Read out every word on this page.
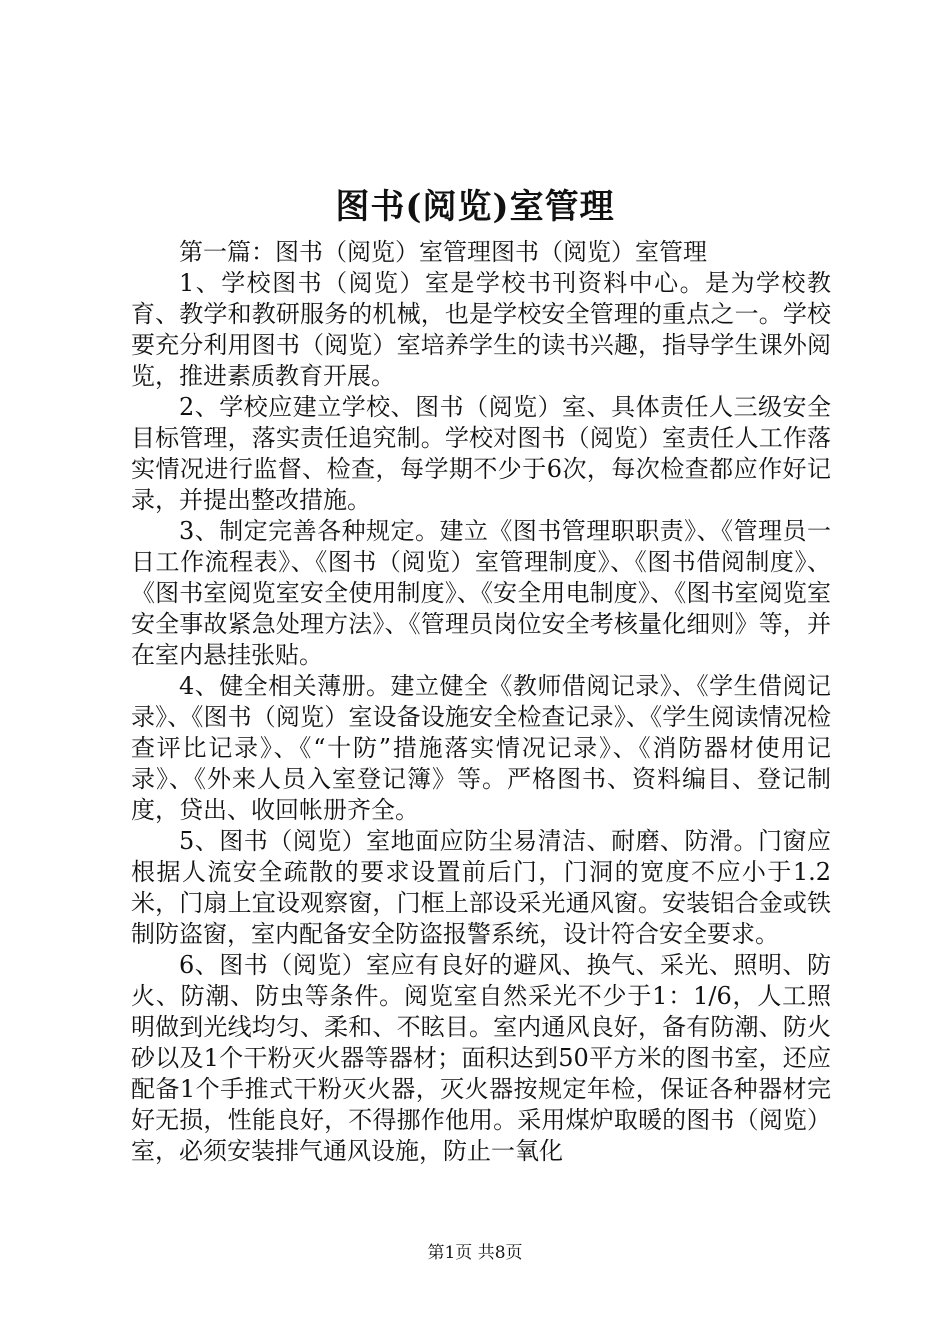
图书(阅览)室管理

第一篇：图书（阅览）室管理图书（阅览）室管理

1、学校图书（阅览）室是学校书刊资料中心。是为学校教育、教学和教研服务的机械，也是学校安全管理的重点之一。学校要充分利用图书（阅览）室培养学生的读书兴趣，指导学生课外阅览，推进素质教育开展。

2、学校应建立学校、图书（阅览）室、具体责任人三级安全目标管理，落实责任追究制。学校对图书（阅览）室责任人工作落实情况进行监督、检查，每学期不少于6次，每次检查都应作好记录，并提出整改措施。

3、制定完善各种规定。建立《图书管理职职责》、《管理员一日工作流程表》、《图书（阅览）室管理制度》、《图书借阅制度》、《图书室阅览室安全使用制度》、《安全用电制度》、《图书室阅览室安全事故紧急处理方法》、《管理员岗位安全考核量化细则》等，并在室内悬挂张贴。

4、健全相关薄册。建立健全《教师借阅记录》、《学生借阅记录》、《图书（阅览）室设备设施安全检查记录》、《学生阅读情况检查评比记录》、《“十防”措施落实情况记录》、《消防器材使用记录》、《外来人员入室登记簿》等。严格图书、资料编目、登记制度，贷出、收回帐册齐全。

5、图书（阅览）室地面应防尘易清洁、耐磨、防滑。门窗应根据人流安全疏散的要求设置前后门，门洞的宽度不应小于1.2米，门扇上宜设观察窗，门框上部设采光通风窗。安装铝合金或铁制防盗窗，室内配备安全防盗报警系统，设计符合安全要求。

6、图书（阅览）室应有良好的避风、换气、采光、照明、防火、防潮、防虫等条件。阅览室自然采光不少于1：1/6，人工照明做到光线均匀、柔和、不眩目。室内通风良好，备有防潮、防火砂以及1个干粉灭火器等器材；面积达到50平方米的图书室，还应配备1个手推式干粉灭火器，灭火器按规定年检，保证各种器材完好无损，性能良好，不得挪作他用。采用煤炉取暖的图书（阅览）室，必须安装排气通风设施，防止一氧化

第1页 共8页
